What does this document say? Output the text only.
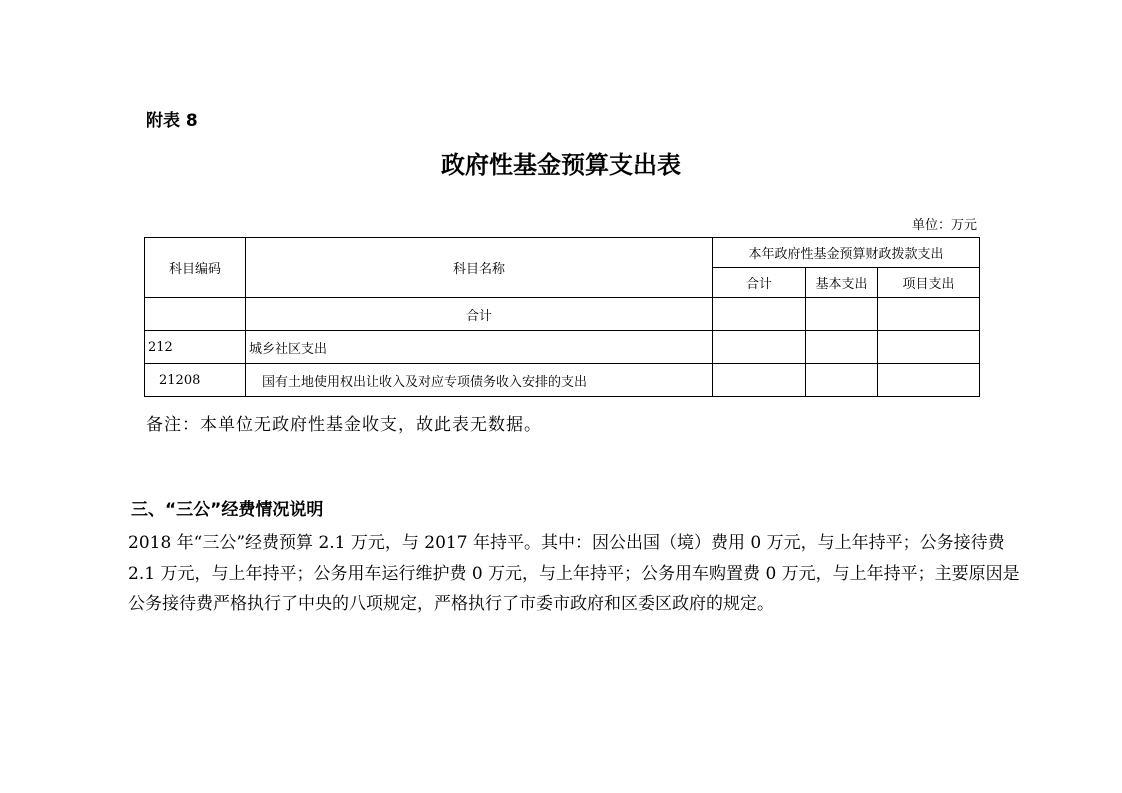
附表 8
政府性基金预算支出表
单位：万元
科目编码	科目名称	本年政府性基金预算财政拨款支出		
		合计	基本支出	项目支出
	合计			
212	城乡社区支出			
21208	国有土地使用权出让收入及对应专项债务收入安排的支出			
备注：本单位无政府性基金收支，故此表无数据。
三、“三公”经费情况说明

2018 年“三公”经费预算 2.1 万元，与 2017 年持平。其中：因公出国（境）费用 0 万元，与上年持平；公务接待费 2.1 万元，与上年持平；公务用车运行维护费 0 万元，与上年持平；公务用车购置费 0 万元，与上年持平；主要原因是公务接待费严格执行了中央的八项规定，严格执行了市委市政府和区委区政府的规定。
